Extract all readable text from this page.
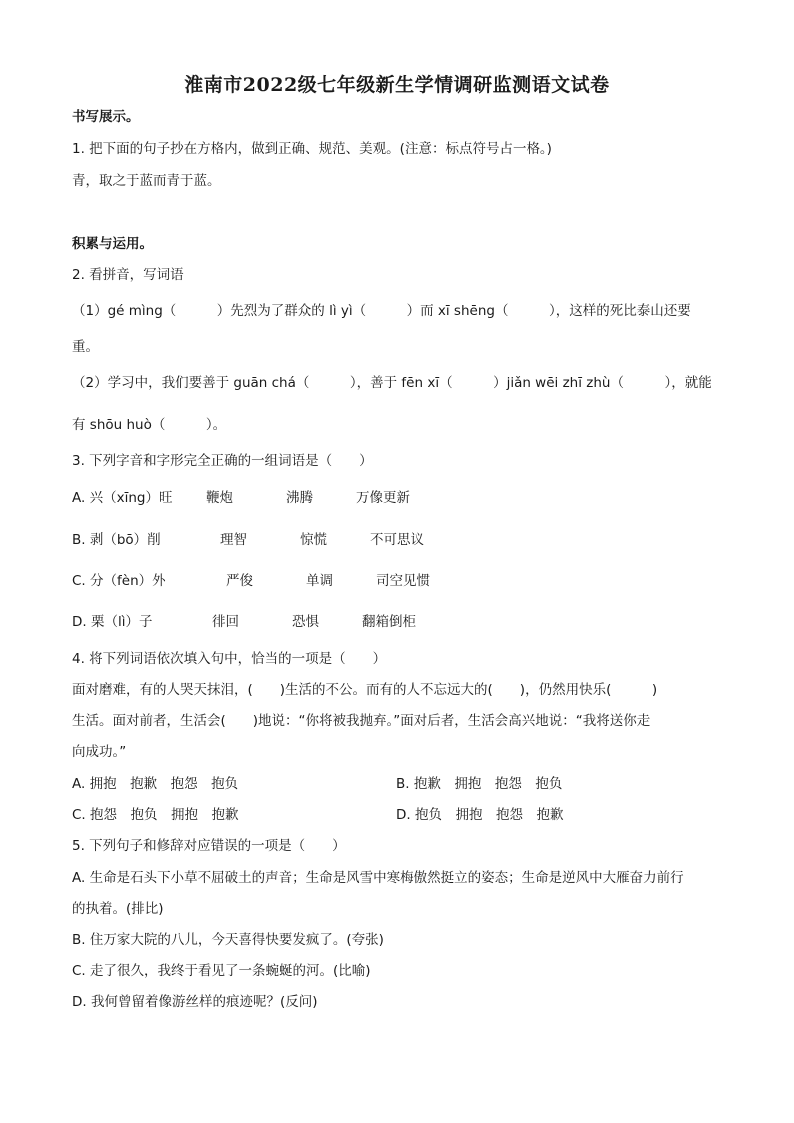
淮南市2022级七年级新生学情调研监测语文试卷
书写展示。
1. 把下面的句子抄在方格内，做到正确、规范、美观。(注意：标点符号占一格。)
青，取之于蓝而青于蓝。
积累与运用。
2. 看拼音，写词语
（1）gé mìng（　　　）先烈为了群众的 lì yì（　　　）而 xī shēng（　　　），这样的死比泰山还要
重。
（2）学习中，我们要善于 guān chá（　　　），善于 fēn xī（　　　）jiǎn wēi zhī zhù（　　　），就能
有 shōu huò（　　　）。
3. 下列字音和字形完全正确的一组词语是（　　）
A. 兴（xīng）旺 鞭炮	沸腾	万像更新
B. 剥（bō）削	理智	惊慌	不可思议
C. 分（fèn）外	严俊	单调	司空见惯
D. 栗（lì）子	徘回	恐惧	翻箱倒柜
4. 将下列词语依次填入句中，恰当的一项是（　　）
面对磨难，有的人哭天抹泪，(　　)生活的不公。而有的人不忘远大的(　　)，仍然用快乐(　　　)
生活。面对前者，生活会(　　)地说：“你将被我抛弃。”面对后者，生活会高兴地说：“我将送你走
向成功。”
A. 拥抱　抱歉　抱怨　抱负	B. 抱歉　拥抱　抱怨　抱负
C. 抱怨　抱负　拥抱　抱歉	D. 抱负　拥抱　抱怨　抱歉
5. 下列句子和修辞对应错误的一项是（　　）
A. 生命是石头下小草不屈破土的声音；生命是风雪中寒梅傲然挺立的姿态；生命是逆风中大雁奋力前行
的执着。(排比)
B. 住万家大院的八儿，今天喜得快要发疯了。(夸张)
C. 走了很久，我终于看见了一条蜿蜒的河。(比喻)
D. 我何曾留着像游丝样的痕迹呢？(反问)
